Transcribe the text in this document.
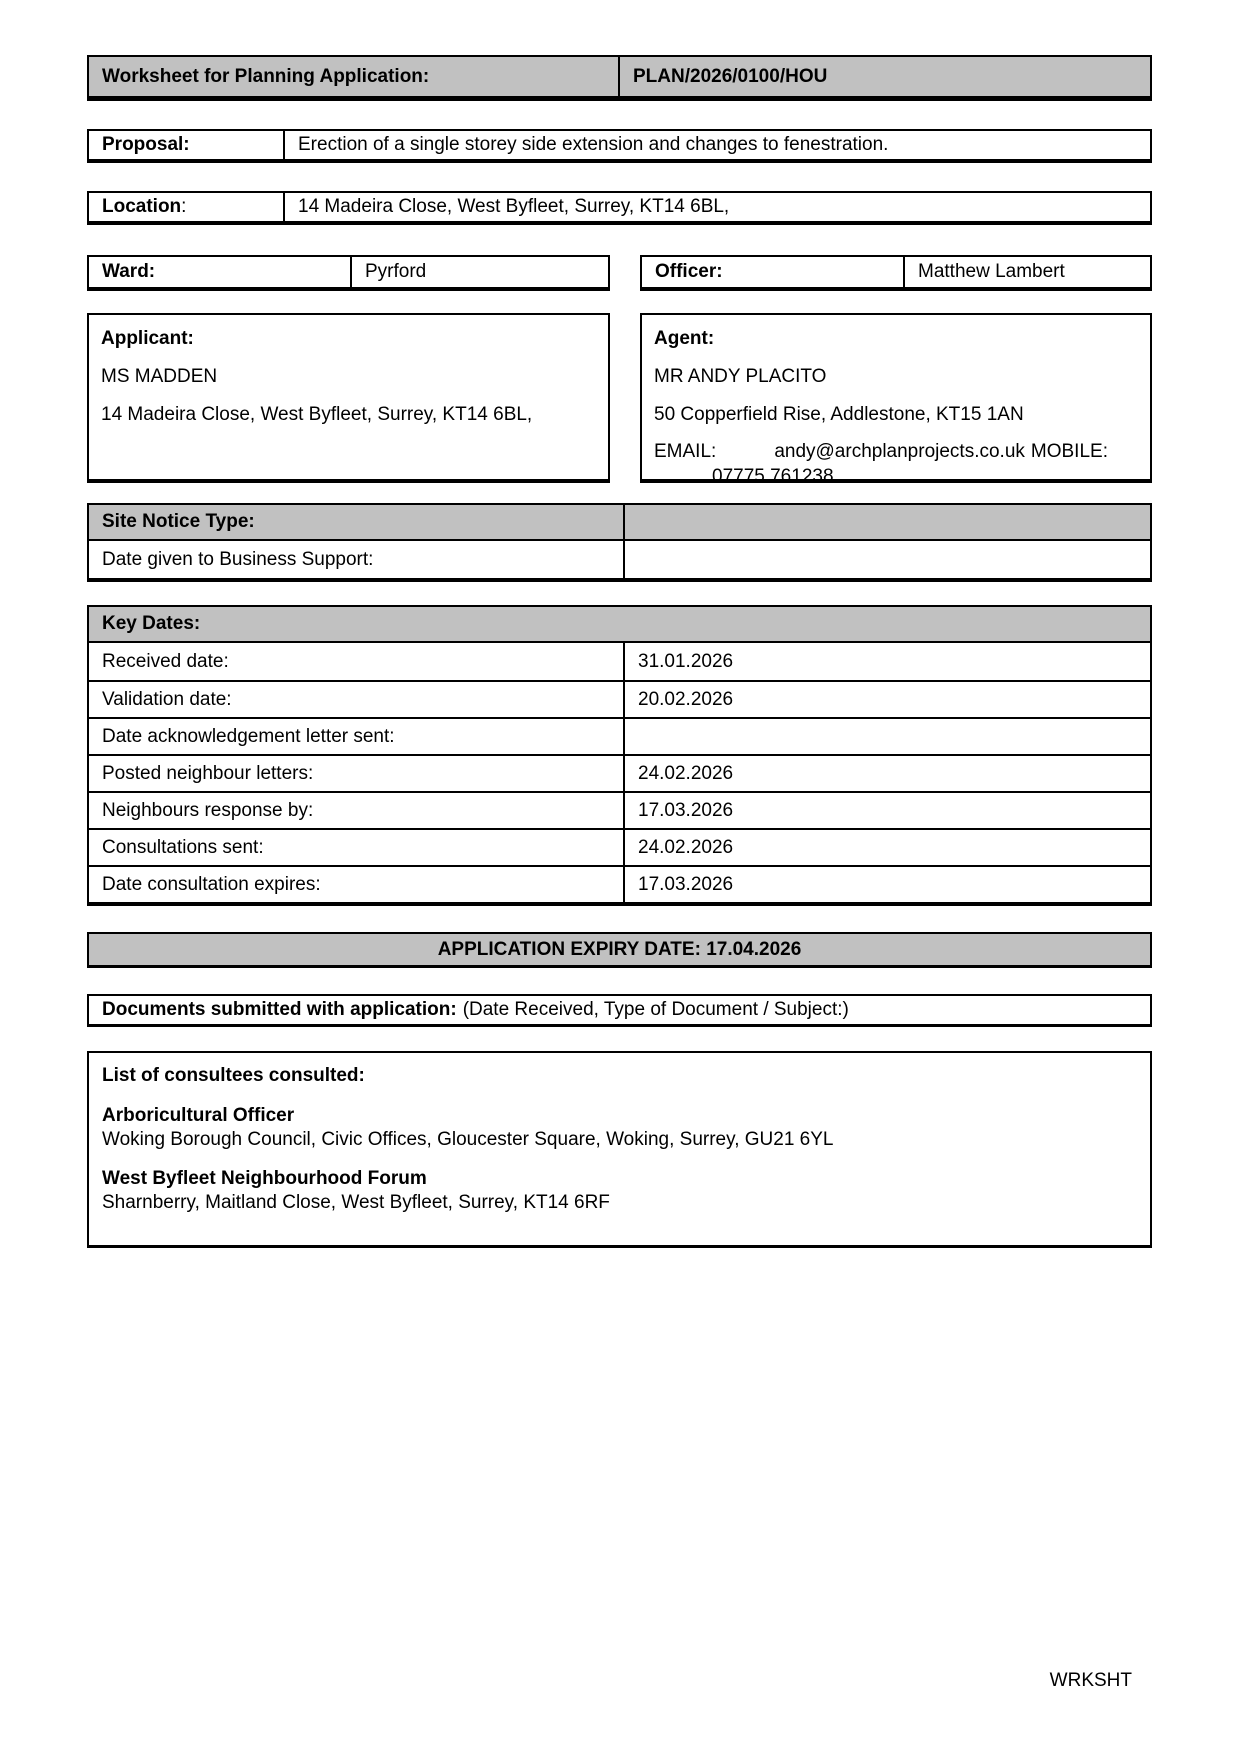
Worksheet for Planning Application:	PLAN/2026/0100/HOU
Proposal:	Erection of a single storey side extension and changes to fenestration.
Location :	14 Madeira Close, West Byfleet, Surrey, KT14 6BL,
Ward:	Pyrford	Officer:	Matthew Lambert

Applicant:

MS MADDEN

14 Madeira Close, West Byfleet, Surrey, KT14 6BL,

Agent:

MR ANDY PLACITO

50 Copperfield Rise, Addlestone, KT15 1AN

EMAIL:	andy@archplanprojects.co.uk MOBILE:
07775 761238
Site Notice Type:
Date given to Business Support:
Key Dates:
Received date:	31.01.2026
Validation date:	20.02.2026
Date acknowledgement letter sent:
Posted neighbour letters:	24.02.2026
Neighbours response by:	17.03.2026
Consultations sent:	24.02.2026
Date consultation expires:	17.03.2026
APPLICATION EXPIRY DATE: 17.04.2026
Documents submitted with application: (Date Received, Type of Document / Subject:)
List of consultees consulted:
Arboricultural Officer
Woking Borough Council, Civic Offices, Gloucester Square, Woking, Surrey, GU21 6YL
West Byfleet Neighbourhood Forum
Sharnberry, Maitland Close, West Byfleet, Surrey, KT14 6RF
WRKSHT
